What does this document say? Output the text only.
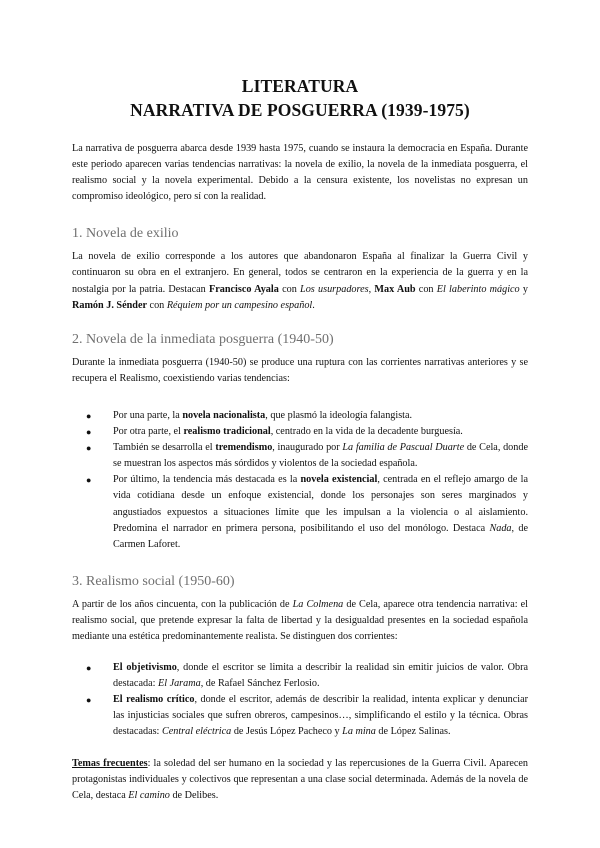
LITERATURA
NARRATIVA DE POSGUERRA (1939-1975)

La narrativa de posguerra abarca desde 1939 hasta 1975, cuando se instaura la democracia en España. Durante este periodo aparecen varias tendencias narrativas: la novela de exilio, la novela de la inmediata posguerra, el realismo social y la novela experimental. Debido a la censura existente, los novelistas no expresan un compromiso ideológico, pero sí con la realidad.

1. Novela de exilio

La novela de exilio corresponde a los autores que abandonaron España al finalizar la Guerra Civil y continuaron su obra en el extranjero. En general, todos se centraron en la experiencia de la guerra y en la nostalgia por la patria. Destacan Francisco Ayala con Los usurpadores, Max Aub con El laberinto mágico y Ramón J. Sénder con Réquiem por un campesino español.

2. Novela de la inmediata posguerra (1940-50)

Durante la inmediata posguerra (1940-50) se produce una ruptura con las corrientes narrativas anteriores y se recupera el Realismo, coexistiendo varias tendencias:

● Por una parte, la novela nacionalista, que plasmó la ideología falangista.
● Por otra parte, el realismo tradicional, centrado en la vida de la decadente burguesía.
● También se desarrolla el tremendismo, inaugurado por La familia de Pascual Duarte de Cela, donde se muestran los aspectos más sórdidos y violentos de la sociedad española.
● Por último, la tendencia más destacada es la novela existencial, centrada en el reflejo amargo de la vida cotidiana desde un enfoque existencial, donde los personajes son seres marginados y angustiados expuestos a situaciones límite que les impulsan a la violencia o al aislamiento. Predomina el narrador en primera persona, posibilitando el uso del monólogo. Destaca Nada, de Carmen Laforet.
3. Realismo social (1950-60)

A partir de los años cincuenta, con la publicación de La Colmena de Cela, aparece otra tendencia narrativa: el realismo social, que pretende expresar la falta de libertad y la desigualdad presentes en la sociedad española mediante una estética predominantemente realista. Se distinguen dos corrientes:

● El objetivismo, donde el escritor se limita a describir la realidad sin emitir juicios de valor. Obra destacada: El Jarama, de Rafael Sánchez Ferlosio.
● El realismo crítico, donde el escritor, además de describir la realidad, intenta explicar y denunciar las injusticias sociales que sufren obreros, campesinos…, simplificando el estilo y la técnica. Obras destacadas: Central eléctrica de Jesús López Pacheco y La mina de López Salinas.

Temas frecuentes: la soledad del ser humano en la sociedad y las repercusiones de la Guerra Civil. Aparecen protagonistas individuales y colectivos que representan a una clase social determinada. Además de la novela de Cela, destaca El camino de Delibes.
